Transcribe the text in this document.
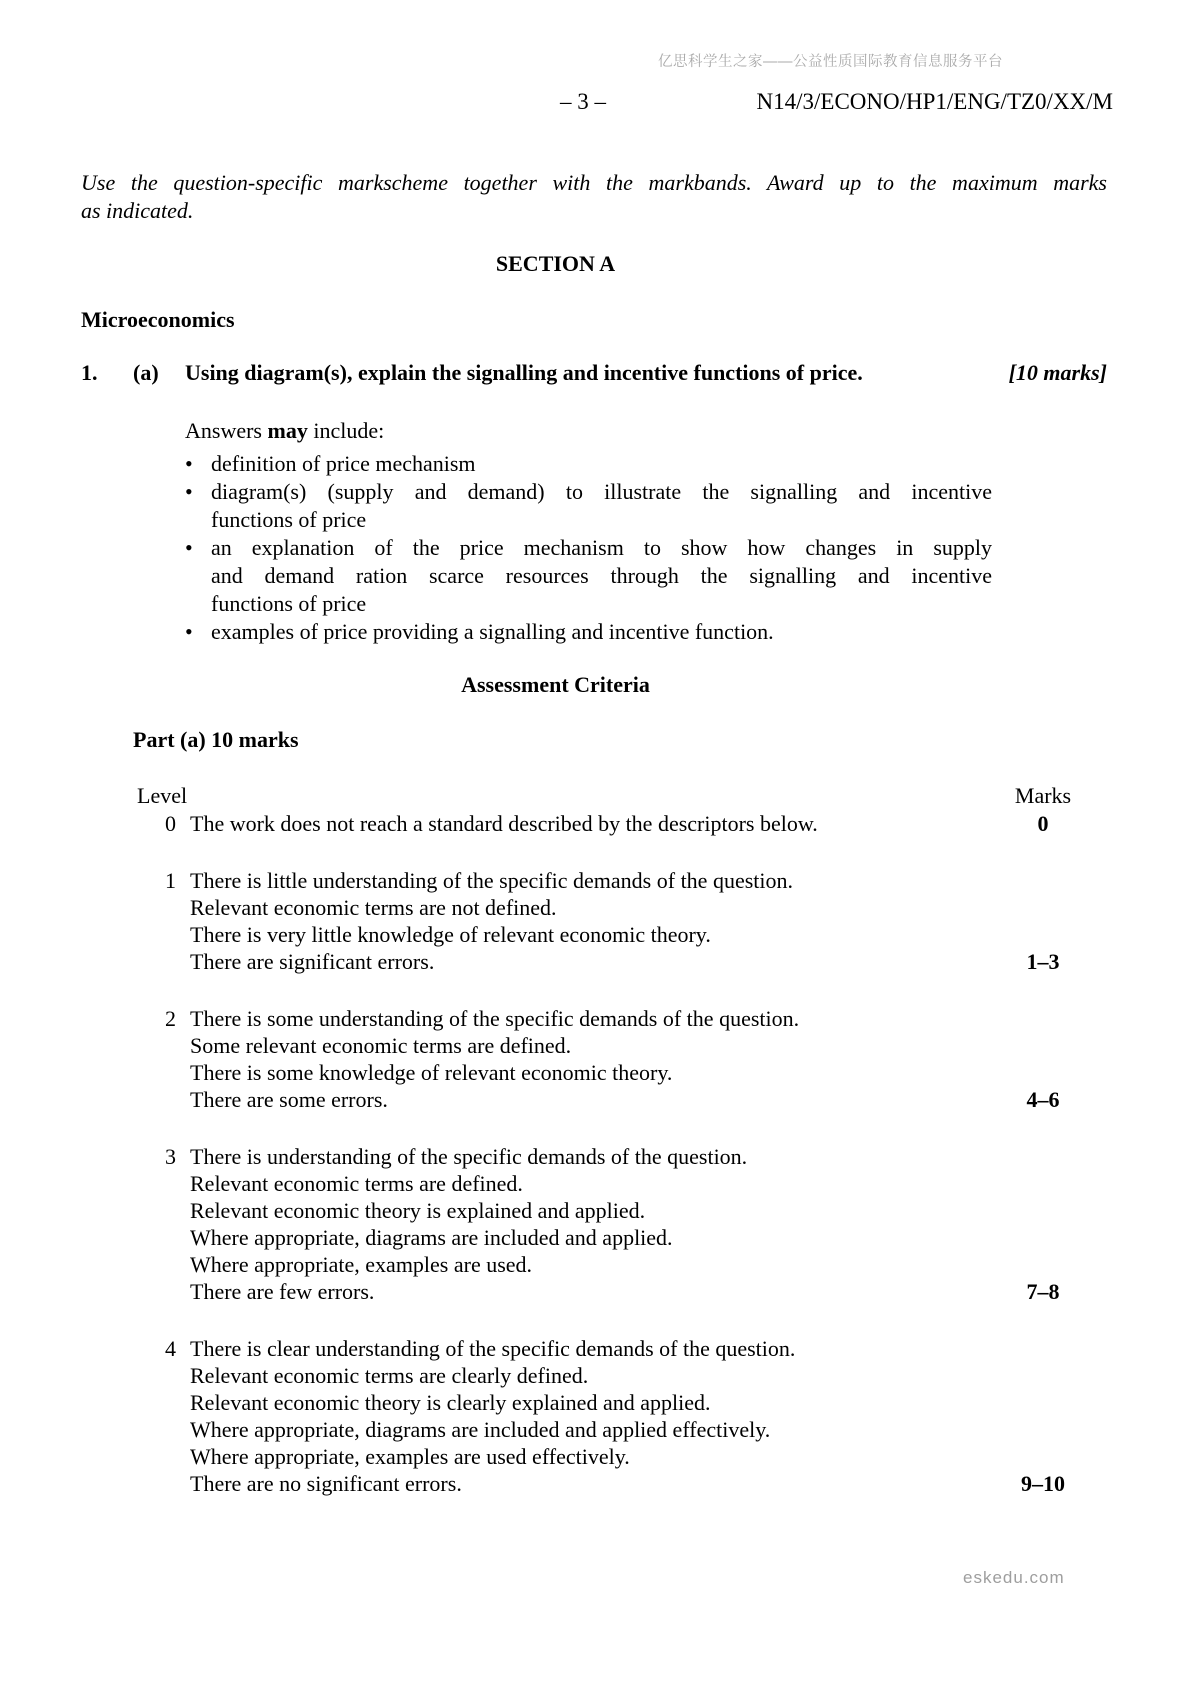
亿思科学生之家——公益性质国际教育信息服务平台
– 3 –	N14/3/ECONO/HP1/ENG/TZ0/XX/M
Use the question-specific markscheme together with the markbands. Award up to the maximum marks
as indicated.
SECTION A
Microeconomics
1.	(a)	Using diagram(s), explain the signalling and incentive functions of price.	[10 marks]
Answers may include:
• definition of price mechanism
• diagram(s) (supply and demand) to illustrate the signalling and incentive
functions of price
• an explanation of the price mechanism to show how changes in supply
and demand ration scarce resources through the signalling and incentive
functions of price
• examples of price providing a signalling and incentive function.
Assessment Criteria
Part (a) 10 marks
Level	Marks
0 The work does not reach a standard described by the descriptors below.	0
1 There is little understanding of the specific demands of the question.
Relevant economic terms are not defined.
There is very little knowledge of relevant economic theory.
There are significant errors.	1–3
2 There is some understanding of the specific demands of the question.
Some relevant economic terms are defined.
There is some knowledge of relevant economic theory.
There are some errors.	4–6
3 There is understanding of the specific demands of the question.
Relevant economic terms are defined.
Relevant economic theory is explained and applied.
Where appropriate, diagrams are included and applied.
Where appropriate, examples are used.
There are few errors.	7–8
4 There is clear understanding of the specific demands of the question.
Relevant economic terms are clearly defined.
Relevant economic theory is clearly explained and applied.
Where appropriate, diagrams are included and applied effectively.
Where appropriate, examples are used effectively.
There are no significant errors.	9–10
eskedu.com
